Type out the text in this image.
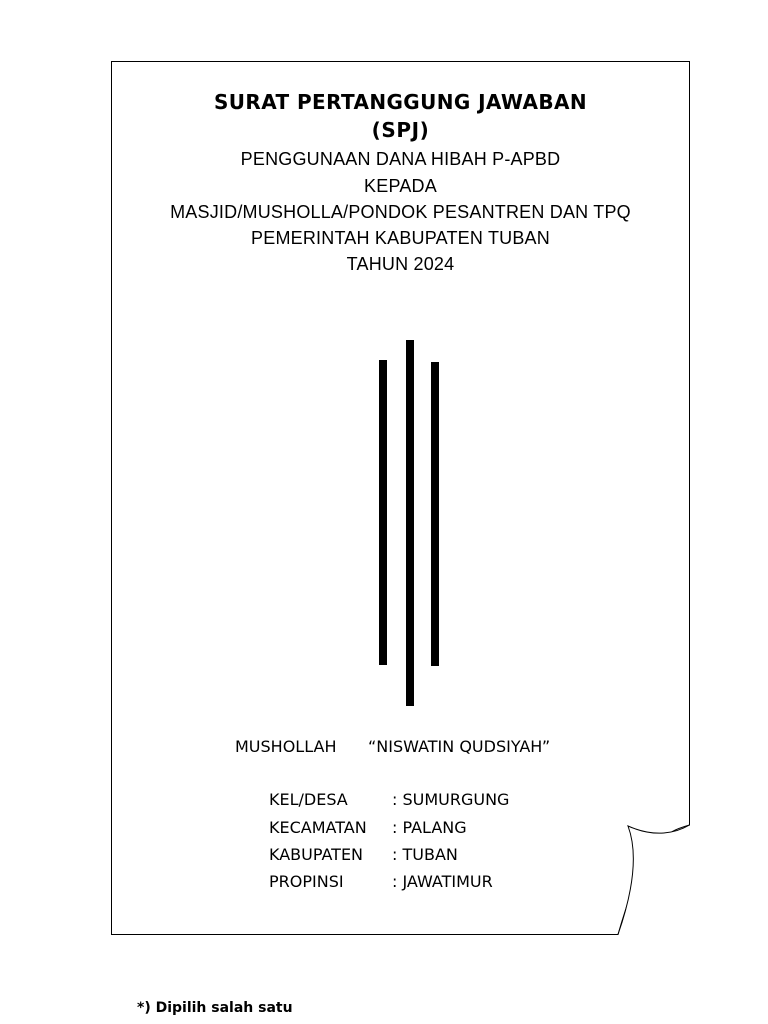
SURAT PERTANGGUNG JAWABAN
(SPJ)
PENGGUNAAN DANA HIBAH P-APBD
KEPADA
MASJID/MUSHOLLA/PONDOK PESANTREN DAN TPQ
PEMERINTAH KABUPATEN TUBAN
TAHUN 2024
MUSHOLLAH “NISWATIN QUDSIYAH”
KEL/DESA	: SUMURGUNG
KECAMATAN : PALANG
KABUPATEN : TUBAN
PROPINSI	: JAWATIMUR
*) Dipilih salah satu
